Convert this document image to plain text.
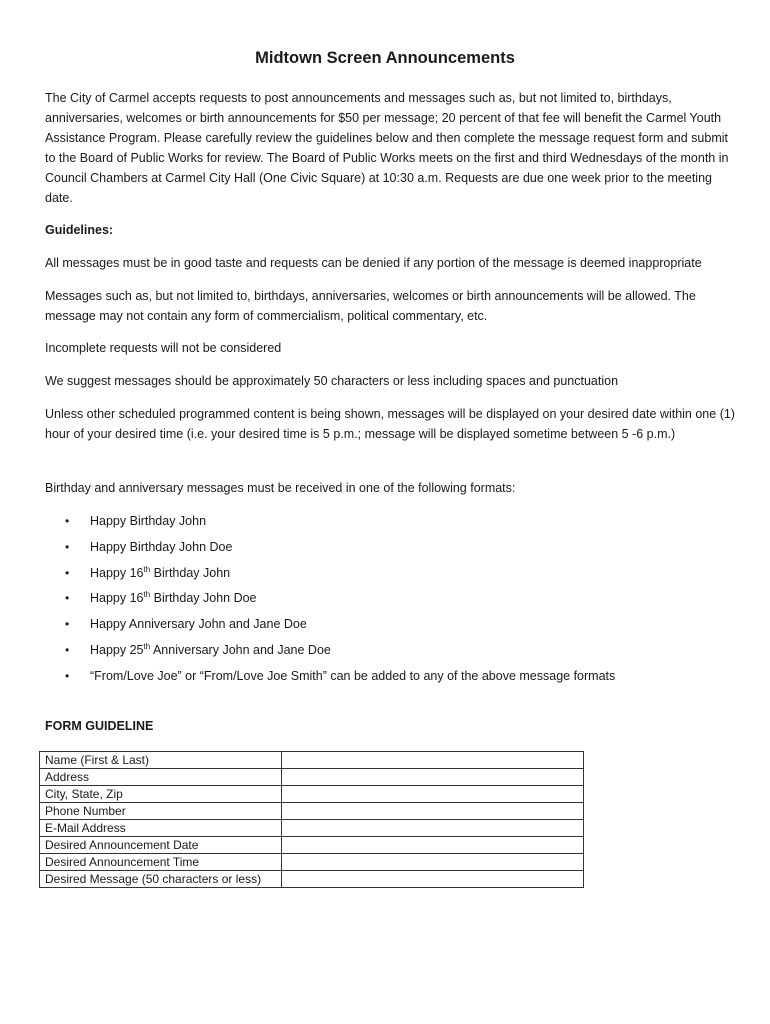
Midtown Screen Announcements

The City of Carmel accepts requests to post announcements and messages such as, but not limited to, birthdays, anniversaries, welcomes or birth announcements for $50 per message; 20 percent of that fee will benefit the Carmel Youth Assistance Program. Please carefully review the guidelines below and then complete the message request form and submit to the Board of Public Works for review. The Board of Public Works meets on the first and third Wednesdays of the month in Council Chambers at Carmel City Hall (One Civic Square) at 10:30 a.m. Requests are due one week prior to the meeting date.

Guidelines:

All messages must be in good taste and requests can be denied if any portion of the message is deemed inappropriate

Messages such as, but not limited to, birthdays, anniversaries, welcomes or birth announcements will be allowed. The message may not contain any form of commercialism, political commentary, etc.

Incomplete requests will not be considered

We suggest messages should be approximately 50 characters or less including spaces and punctuation

Unless other scheduled programmed content is being shown, messages will be displayed on your desired date within one (1) hour of your desired time (i.e. your desired time is 5 p.m.; message will be displayed sometime between 5 -6 p.m.)

Birthday and anniversary messages must be received in one of the following formats:

• Happy Birthday John
• Happy Birthday John Doe
• Happy 16th Birthday John
• Happy 16th Birthday John Doe
• Happy Anniversary John and Jane Doe
• Happy 25th Anniversary John and Jane Doe
• “From/Love Joe” or “From/Love Joe Smith” can be added to any of the above message formats

FORM GUIDELINE

Name (First & Last)	
Address	
City, State, Zip	
Phone Number	
E-Mail Address	
Desired Announcement Date	
Desired Announcement Time	
Desired Message (50 characters or less)	
